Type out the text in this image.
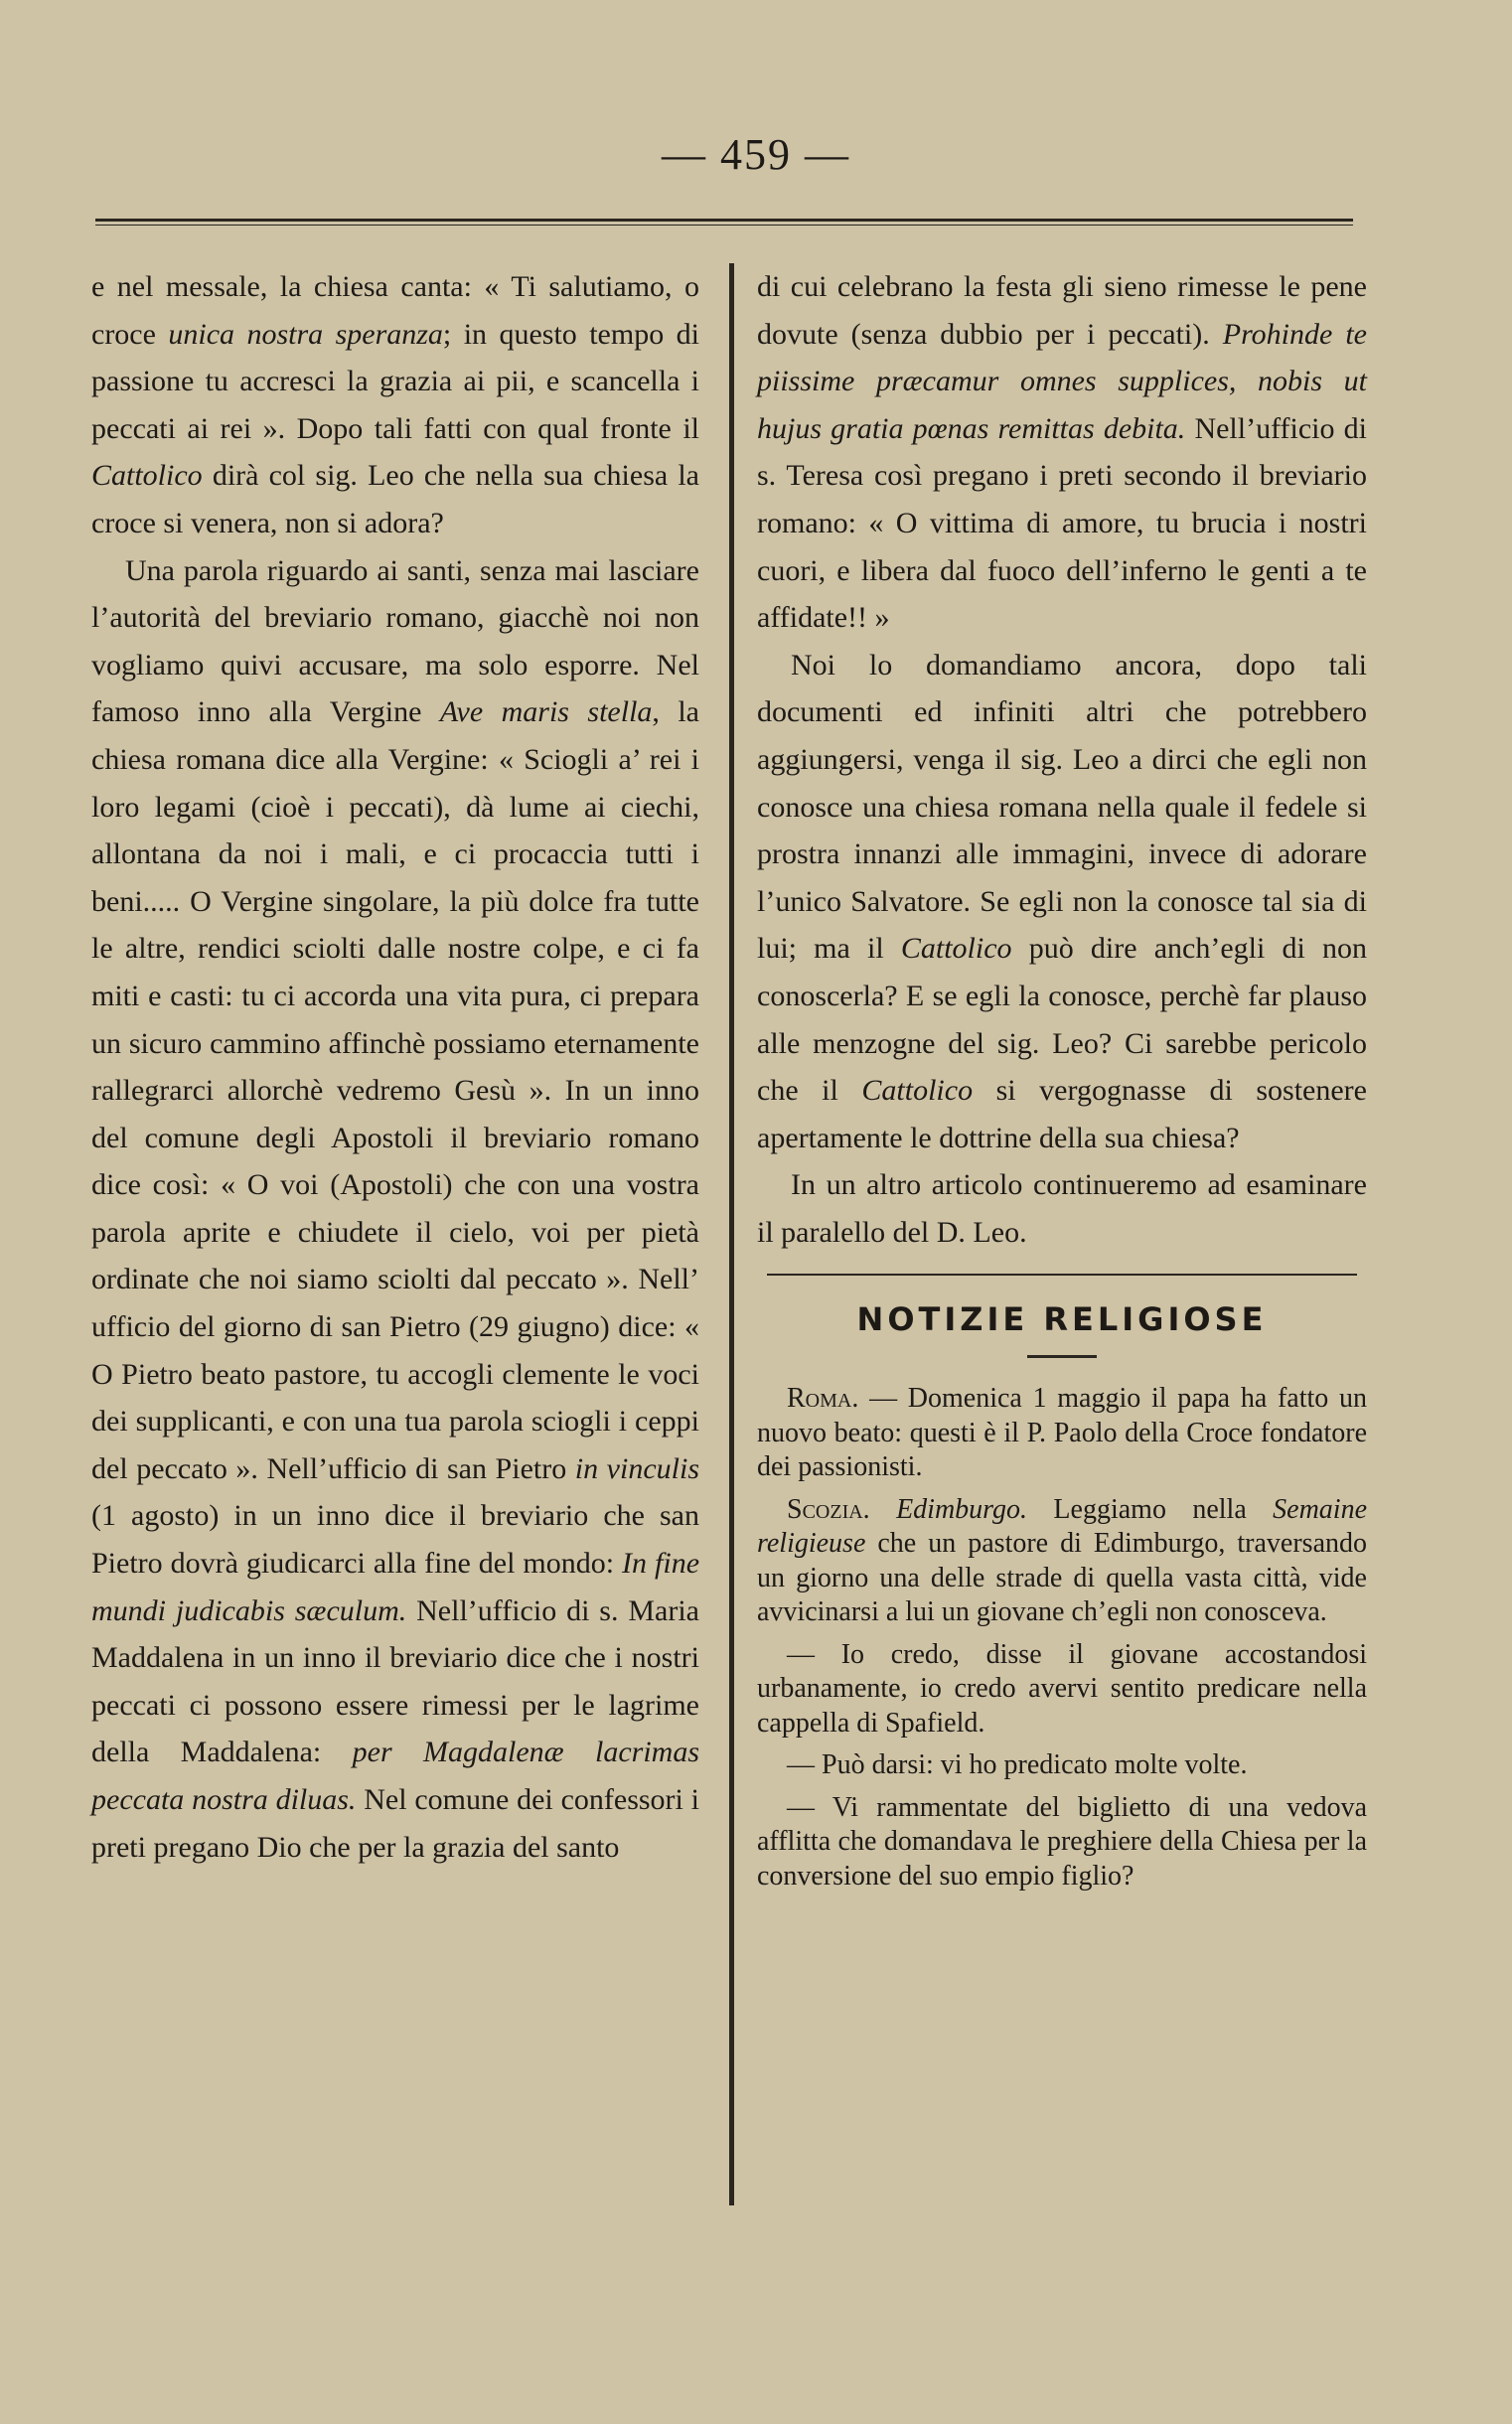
— 459 —

e nel messale, la chiesa canta: « Ti salutiamo, o croce unica nostra speranza; in questo tempo di passione tu accresci la grazia ai pii, e scancella i peccati ai rei ». Dopo tali fatti con qual fronte il Cattolico dirà col sig. Leo che nella sua chiesa la croce si venera, non si adora?

Una parola riguardo ai santi, senza mai lasciare l’autorità del breviario romano, giacchè noi non vogliamo quivi accusare, ma solo esporre. Nel famoso inno alla Vergine Ave maris stella, la chiesa romana dice alla Vergine: « Sciogli a’ rei i loro legami (cioè i peccati), dà lume ai ciechi, allontana da noi i mali, e ci procaccia tutti i beni..... O Vergine singolare, la più dolce fra tutte le altre, rendici sciolti dalle nostre colpe, e ci fa miti e casti: tu ci accorda una vita pura, ci prepara un sicuro cammino affinchè possiamo eternamente rallegrarci allorchè vedremo Gesù ». In un inno del comune degli Apostoli il breviario romano dice così: « O voi (Apostoli) che con una vostra parola aprite e chiudete il cielo, voi per pietà ordinate che noi siamo sciolti dal peccato ». Nell’ ufficio del giorno di san Pietro (29 giugno) dice: « O Pietro beato pastore, tu accogli clemente le voci dei supplicanti, e con una tua parola sciogli i ceppi del peccato ». Nell’ufficio di san Pietro in vinculis (1 agosto) in un inno dice il breviario che san Pietro dovrà giudicarci alla fine del mondo: In fine mundi judicabis sæculum. Nell’ufficio di s. Maria Maddalena in un inno il breviario dice che i nostri peccati ci possono essere rimessi per le lagrime della Maddalena: per Magdalenæ lacrimas peccata nostra diluas. Nel comune dei confessori i preti pregano Dio che per la grazia del santo

di cui celebrano la festa gli sieno rimesse le pene dovute (senza dubbio per i peccati). Prohinde te piissime præcamur omnes supplices, nobis ut hujus gratia pœnas remittas debita. Nell’ufficio di s. Teresa così pregano i preti secondo il breviario romano: « O vittima di amore, tu brucia i nostri cuori, e libera dal fuoco dell’inferno le genti a te affidate!! »

Noi lo domandiamo ancora, dopo tali documenti ed infiniti altri che potrebbero aggiungersi, venga il sig. Leo a dirci che egli non conosce una chiesa romana nella quale il fedele si prostra innanzi alle immagini, invece di adorare l’unico Salvatore. Se egli non la conosce tal sia di lui; ma il Cattolico può dire anch’egli di non conoscerla? E se egli la conosce, perchè far plauso alle menzogne del sig. Leo? Ci sarebbe pericolo che il Cattolico si vergognasse di sostenere apertamente le dottrine della sua chiesa?

In un altro articolo continueremo ad esaminare il paralello del D. Leo.

NOTIZIE RELIGIOSE

Roma. — Domenica 1 maggio il papa ha fatto un nuovo beato: questi è il P. Paolo della Croce fondatore dei passionisti.

Scozia. Edimburgo. Leggiamo nella Semaine religieuse che un pastore di Edimburgo, traversando un giorno una delle strade di quella vasta città, vide avvicinarsi a lui un giovane ch’egli non conosceva.

— Io credo, disse il giovane accostandosi urbanamente, io credo avervi sentito predicare nella cappella di Spafield.

— Può darsi: vi ho predicato molte volte.

— Vi rammentate del biglietto di una vedova afflitta che domandava le preghiere della Chiesa per la conversione del suo empio figlio?
